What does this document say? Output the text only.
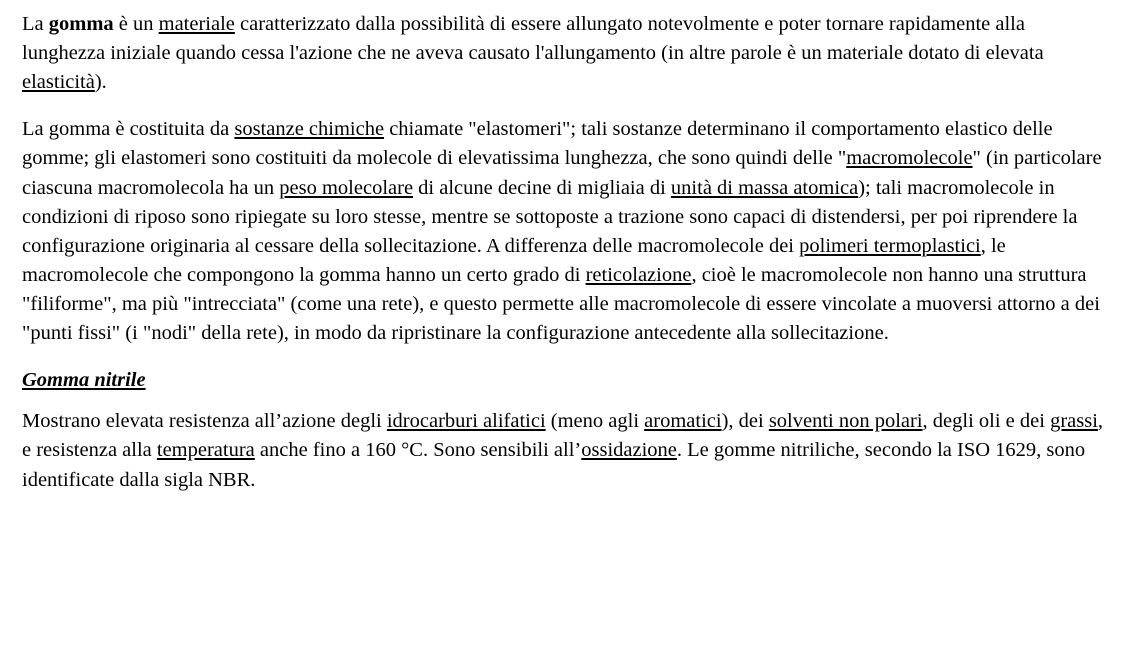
La gomma è un materiale caratterizzato dalla possibilità di essere allungato notevolmente e poter tornare rapidamente alla lunghezza iniziale quando cessa l'azione che ne aveva causato l'allungamento (in altre parole è un materiale dotato di elevata elasticità).

La gomma è costituita da sostanze chimiche chiamate "elastomeri"; tali sostanze determinano il comportamento elastico delle gomme; gli elastomeri sono costituiti da molecole di elevatissima lunghezza, che sono quindi delle "macromolecole" (in particolare ciascuna macromolecola ha un peso molecolare di alcune decine di migliaia di unità di massa atomica); tali macromolecole in condizioni di riposo sono ripiegate su loro stesse, mentre se sottoposte a trazione sono capaci di distendersi, per poi riprendere la configurazione originaria al cessare della sollecitazione. A differenza delle macromolecole dei polimeri termoplastici, le macromolecole che compongono la gomma hanno un certo grado di reticolazione, cioè le macromolecole non hanno una struttura "filiforme", ma più "intrecciata" (come una rete), e questo permette alle macromolecole di essere vincolate a muoversi attorno a dei "punti fissi" (i "nodi" della rete), in modo da ripristinare la configurazione antecedente alla sollecitazione.

Gomma nitrile

Mostrano elevata resistenza all’azione degli idrocarburi alifatici (meno agli aromatici), dei solventi non polari, degli oli e dei grassi, e resistenza alla temperatura anche fino a 160 °C. Sono sensibili all’ossidazione. Le gomme nitriliche, secondo la ISO 1629, sono identificate dalla sigla NBR.
